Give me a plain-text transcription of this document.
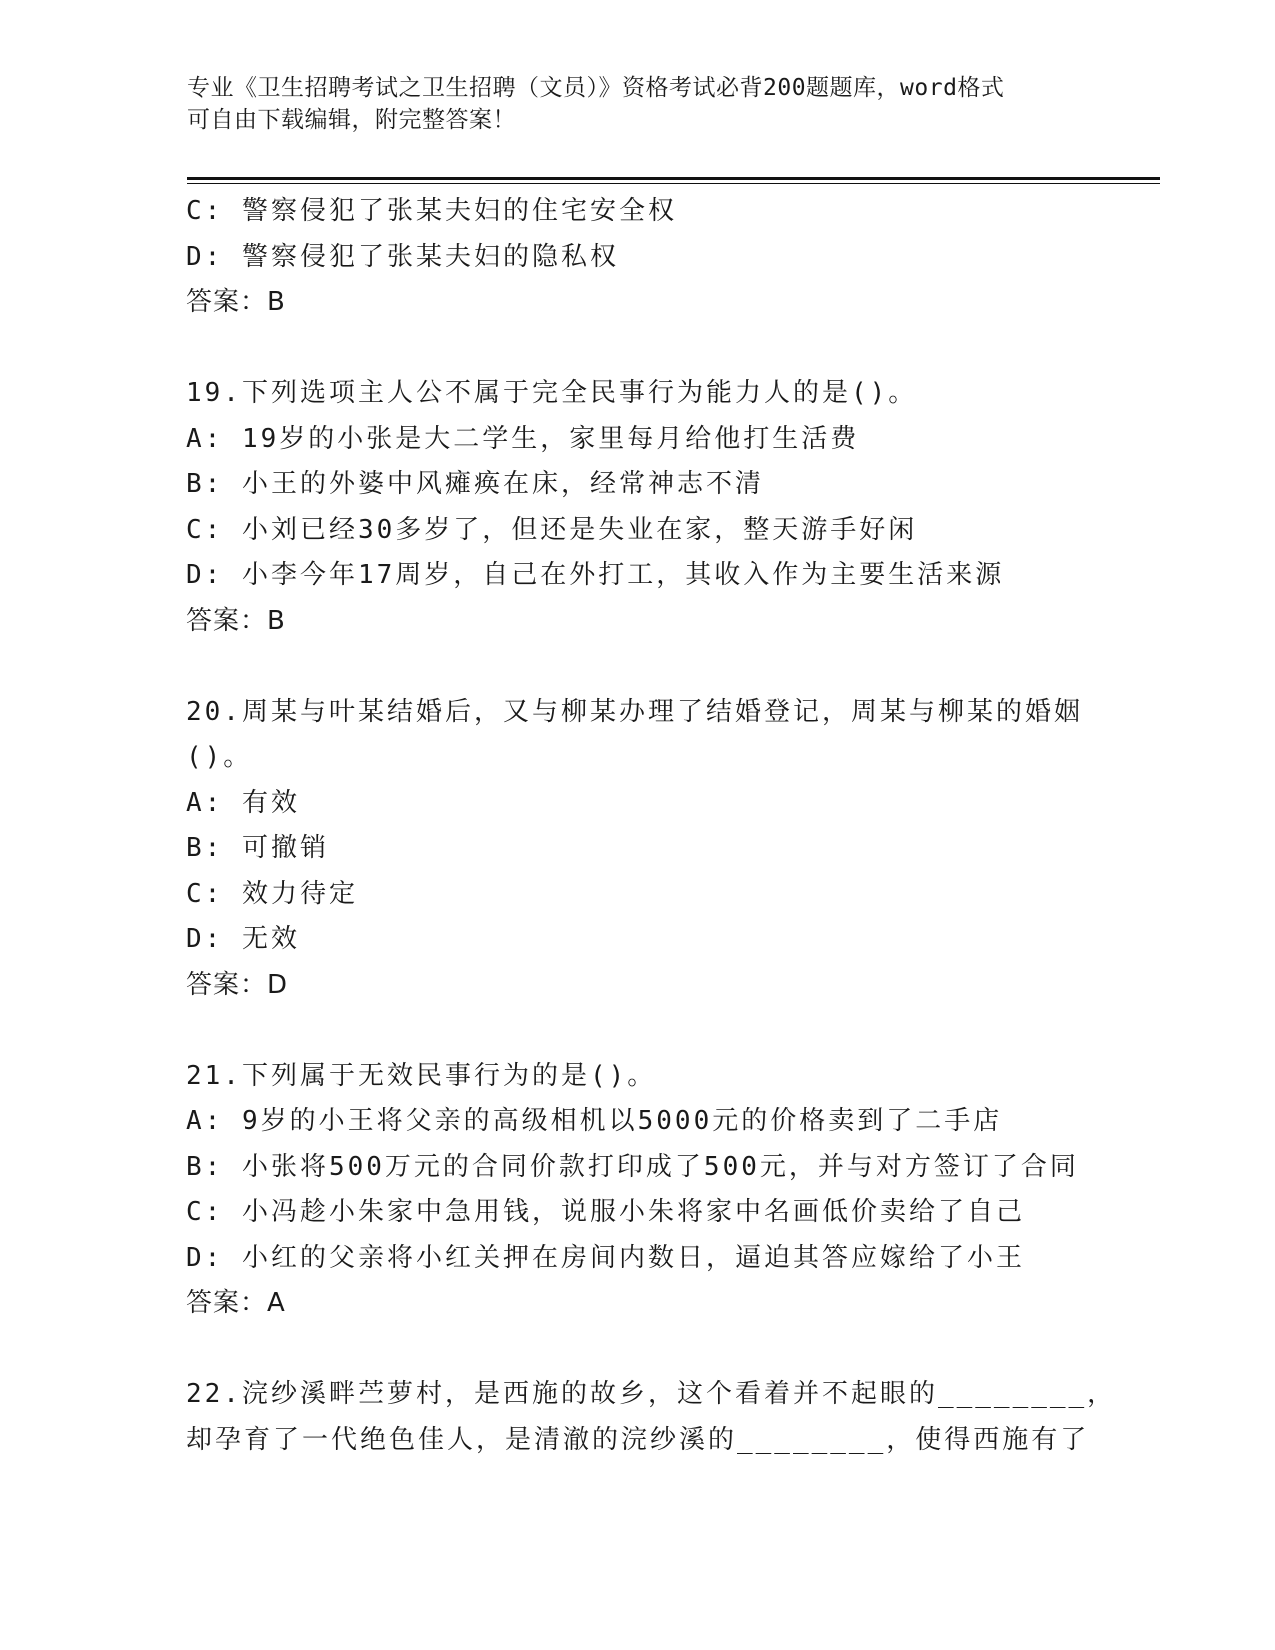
专业《卫生招聘考试之卫生招聘（文员）》资格考试必背200题题库，word格式

可自由下载编辑，附完整答案！

C: 警察侵犯了张某夫妇的住宅安全权
D: 警察侵犯了张某夫妇的隐私权
答案：B
19.下列选项主人公不属于完全民事行为能力人的是()。
A: 19岁的小张是大二学生，家里每月给他打生活费
B: 小王的外婆中风瘫痪在床，经常神志不清
C: 小刘已经30多岁了，但还是失业在家，整天游手好闲
D: 小李今年17周岁，自己在外打工，其收入作为主要生活来源
答案：B
20.周某与叶某结婚后，又与柳某办理了结婚登记，周某与柳某的婚姻
()。
A: 有效
B: 可撤销
C: 效力待定
D: 无效
答案：D
21.下列属于无效民事行为的是()。
A: 9岁的小王将父亲的高级相机以5000元的价格卖到了二手店
B: 小张将500万元的合同价款打印成了500元，并与对方签订了合同
C: 小冯趁小朱家中急用钱，说服小朱将家中名画低价卖给了自己
D: 小红的父亲将小红关押在房间内数日，逼迫其答应嫁给了小王
答案：A
22.浣纱溪畔苎萝村，是西施的故乡，这个看着并不起眼的________，
却孕育了一代绝色佳人，是清澈的浣纱溪的________，使得西施有了
